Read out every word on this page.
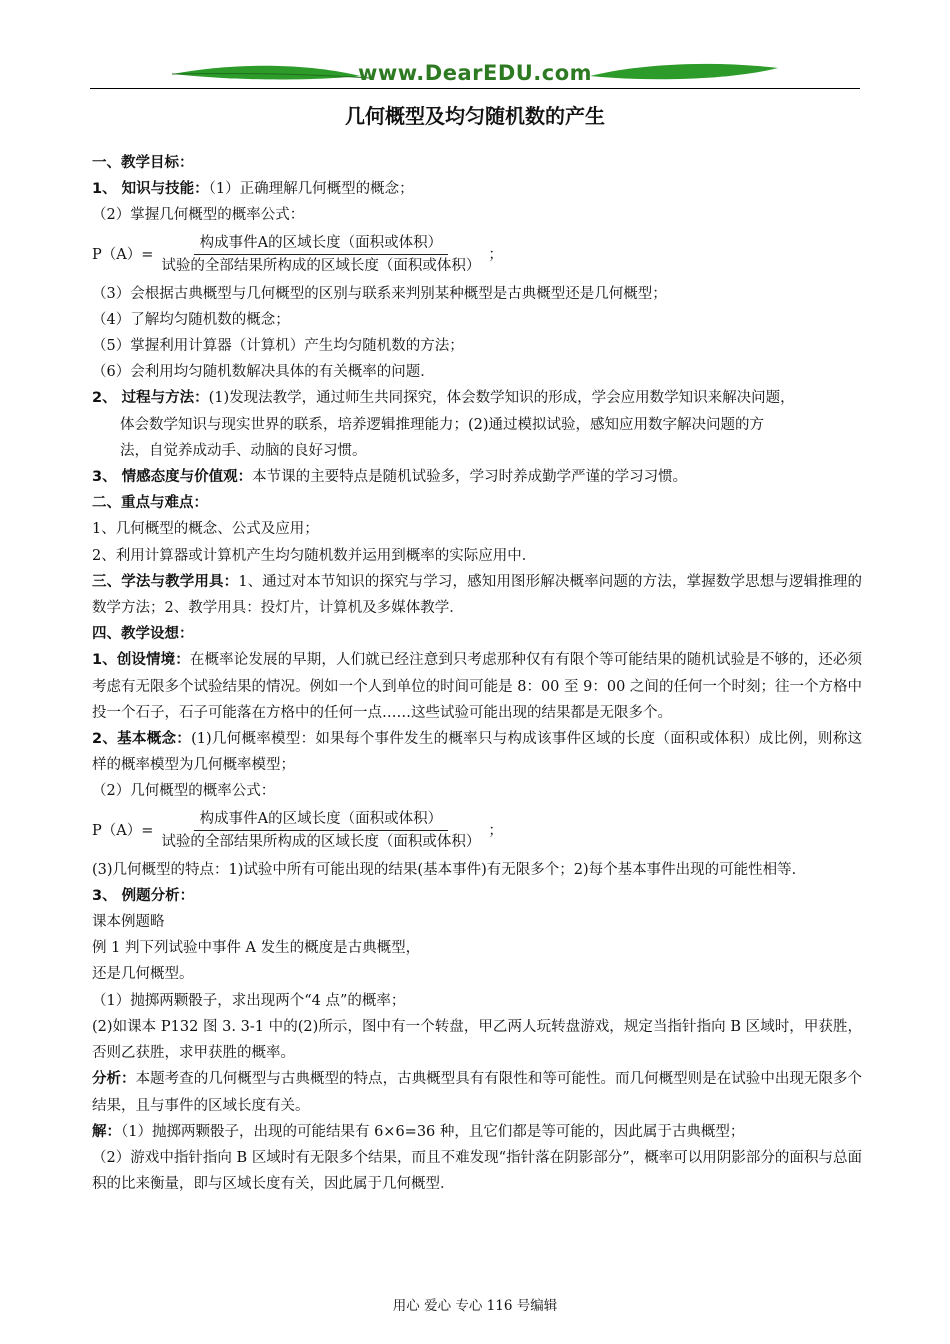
www.DearEDU.com
几何概型及均匀随机数的产生
一、教学目标：
1、 知识与技能：（1）正确理解几何概型的概念；
（2）掌握几何概型的概率公式：
$P(A)= \frac{\text{构成事件A的区域长度（面积或体积）}}{\text{试验的全部结果所构成的区域长度（面积或体积）}}$ ；
（3）会根据古典概型与几何概型的区别与联系来判别某种概型是古典概型还是几何概型；
（4）了解均匀随机数的概念；
（5）掌握利用计算器（计算机）产生均匀随机数的方法；
（6）会利用均匀随机数解决具体的有关概率的问题．
2、 过程与方法：(1)发现法教学，通过师生共同探究，体会数学知识的形成，学会应用数学知识来解决问题，
体会数学知识与现实世界的联系，培养逻辑推理能力；(2)通过模拟试验，感知应用数字解决问题的方
法，自觉养成动手、动脑的良好习惯。
3、 情感态度与价值观：本节课的主要特点是随机试验多，学习时养成勤学严谨的学习习惯。
二、重点与难点：
1、几何概型的概念、公式及应用；
2、利用计算器或计算机产生均匀随机数并运用到概率的实际应用中．
三、学法与教学用具：1、通过对本节知识的探究与学习，感知用图形解决概率问题的方法，掌握数学思想与逻辑推理的数学方法；2、教学用具：投灯片，计算机及多媒体教学．
四、教学设想：
1、创设情境：在概率论发展的早期，人们就已经注意到只考虑那种仅有有限个等可能结果的随机试验是不够的，还必须考虑有无限多个试验结果的情况。例如一个人到单位的时间可能是 8：00 至 9：00 之间的任何一个时刻；往一个方格中投一个石子，石子可能落在方格中的任何一点……这些试验可能出现的结果都是无限多个。
2、基本概念：(1)几何概率模型：如果每个事件发生的概率只与构成该事件区域的长度（面积或体积）成比例，则称这样的概率模型为几何概率模型；
（2）几何概型的概率公式：
$P(A)= \frac{\text{构成事件A的区域长度（面积或体积）}}{\text{试验的全部结果所构成的区域长度（面积或体积）}}$ ；
(3)几何概型的特点：1)试验中所有可能出现的结果(基本事件)有无限多个；2)每个基本事件出现的可能性相等．
3、 例题分析：
课本例题略
例 1 判下列试验中事件 A 发生的概度是古典概型，
还是几何概型。
（1）抛掷两颗骰子，求出现两个“4 点”的概率；
(2)如课本 P132 图 3. 3-1 中的(2)所示，图中有一个转盘，甲乙两人玩转盘游戏，规定当指针指向 B 区域时，甲获胜，否则乙获胜，求甲获胜的概率。
分析：本题考查的几何概型与古典概型的特点，古典概型具有有限性和等可能性。而几何概型则是在试验中出现无限多个结果，且与事件的区域长度有关。
解：（1）抛掷两颗骰子，出现的可能结果有 6×6=36 种，且它们都是等可能的，因此属于古典概型；
（2）游戏中指针指向 B 区域时有无限多个结果，而且不难发现“指针落在阴影部分”，概率可以用阴影部分的面积与总面积的比来衡量，即与区域长度有关，因此属于几何概型．
用心 爱心 专心 116 号编辑
